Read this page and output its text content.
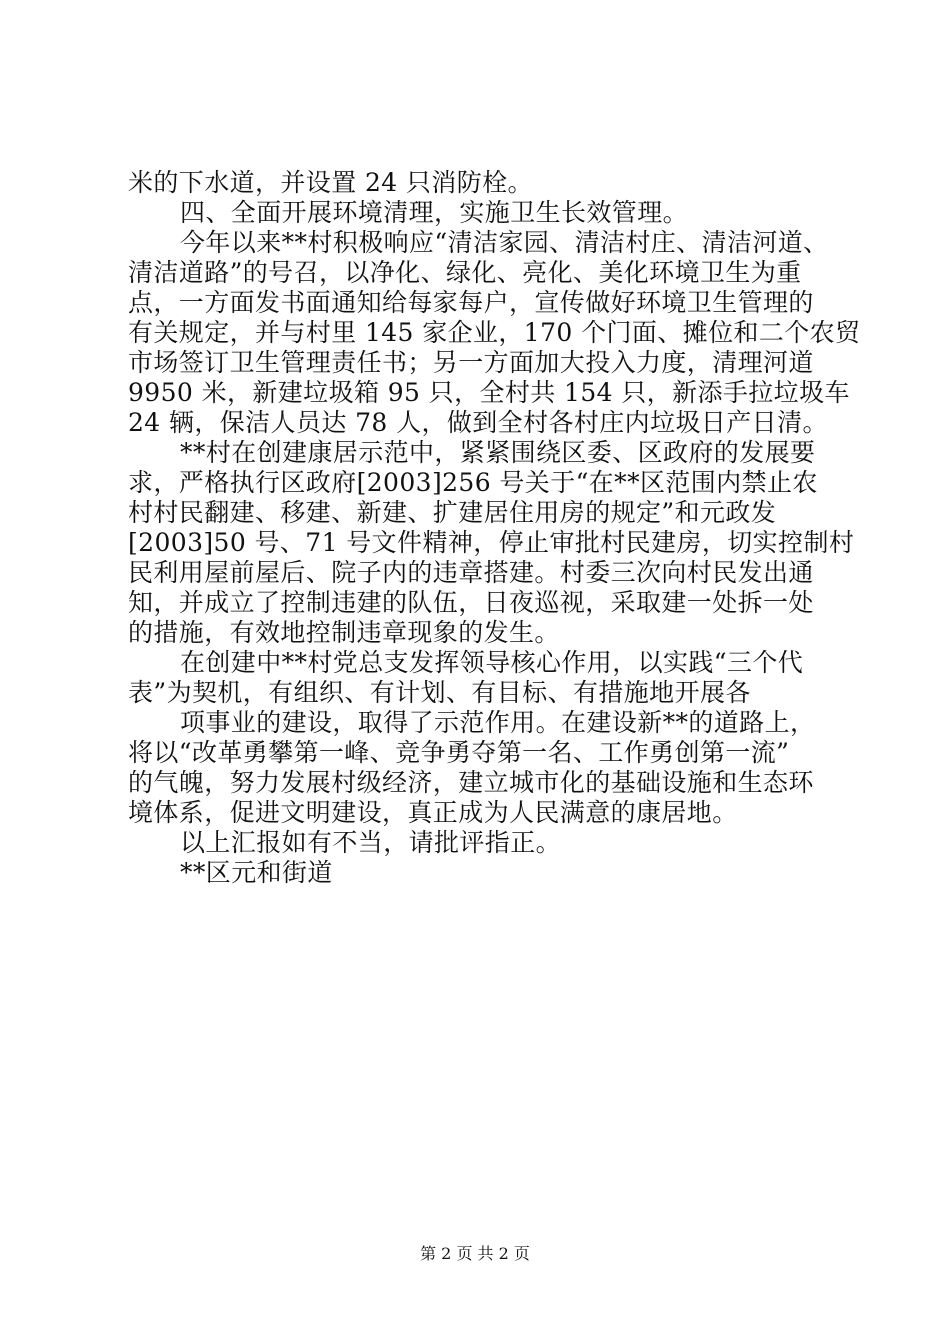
米的下水道，并设置 24 只消防栓。
四、全面开展环境清理，实施卫生长效管理。
今年以来**村积极响应“清洁家园、清洁村庄、清洁河道、
清洁道路”的号召，以净化、绿化、亮化、美化环境卫生为重
点，一方面发书面通知给每家每户，宣传做好环境卫生管理的
有关规定，并与村里 145 家企业，170 个门面、摊位和二个农贸
市场签订卫生管理责任书；另一方面加大投入力度，清理河道
9950 米，新建垃圾箱 95 只，全村共 154 只，新添手拉垃圾车
24 辆，保洁人员达 78 人，做到全村各村庄内垃圾日产日清。
**村在创建康居示范中，紧紧围绕区委、区政府的发展要
求，严格执行区政府[2003]256 号关于“在**区范围内禁止农
村村民翻建、移建、新建、扩建居住用房的规定”和元政发
[2003]50 号、71 号文件精神，停止审批村民建房，切实控制村
民利用屋前屋后、院子内的违章搭建。村委三次向村民发出通
知，并成立了控制违建的队伍，日夜巡视，采取建一处拆一处
的措施，有效地控制违章现象的发生。
在创建中**村党总支发挥领导核心作用，以实践“三个代
表”为契机，有组织、有计划、有目标、有措施地开展各
项事业的建设，取得了示范作用。在建设新**的道路上，
将以“改革勇攀第一峰、竞争勇夺第一名、工作勇创第一流”
的气魄，努力发展村级经济，建立城市化的基础设施和生态环
境体系，促进文明建设，真正成为人民满意的康居地。
以上汇报如有不当，请批评指正。
**区元和街道
第 2 页 共 2 页
